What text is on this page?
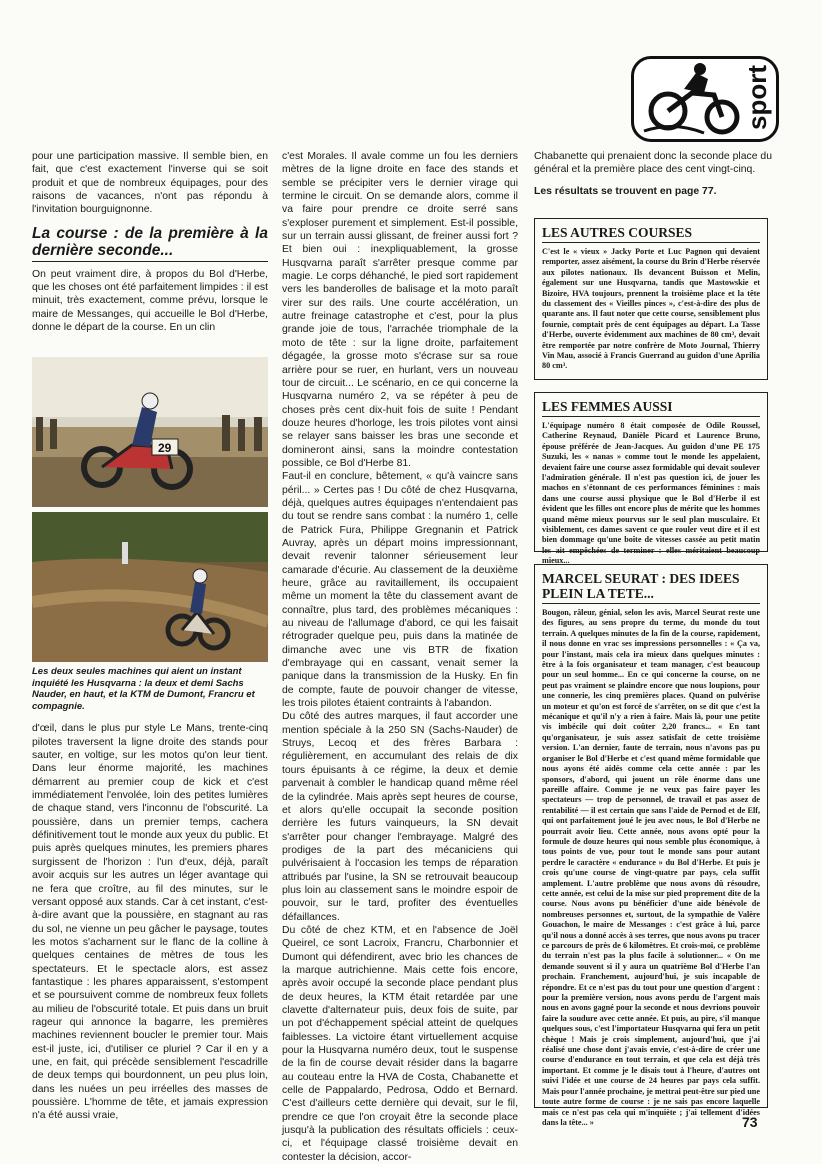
sport

pour une participation massive. Il semble bien, en fait, que c'est exactement l'inverse qui se soit produit et que de nombreux équipages, pour des raisons de vacances, n'ont pas répondu à l'invitation bourguignonne.

La course : de la première à la dernière seconde...

On peut vraiment dire, à propos du Bol d'Herbe, que les choses ont été parfaitement limpides : il est minuit, très exactement, comme prévu, lorsque le maire de Messanges, qui accueille le Bol d'Herbe, donne le départ de la course. En un clin

29
Les deux seules machines qui aient un instant inquiété les Husqvarna : la deux et demi Sachs Nauder, en haut, et la KTM de Dumont, Francru et compagnie.

d'œil, dans le plus pur style Le Mans, trente-cinq pilotes traversent la ligne droite des stands pour sauter, en voltige, sur les motos qu'on leur tient. Dans leur énorme majorité, les machines démarrent au premier coup de kick et c'est immédiatement l'envolée, loin des petites lumières de chaque stand, vers l'inconnu de l'obscurité. La poussière, dans un premier temps, cachera définitivement tout le monde aux yeux du public. Et puis après quelques minutes, les premiers phares surgissent de l'horizon : l'un d'eux, déjà, paraît avoir acquis sur les autres un léger avantage qui ne fera que croître, au fil des minutes, sur le versant opposé aux stands. Car à cet instant, c'est-à-dire avant que la poussière, en stagnant au ras du sol, ne vienne un peu gâcher le paysage, toutes les motos s'acharnent sur le flanc de la colline à quelques centaines de mètres de tous les spectateurs. Et le spectacle alors, est assez fantastique : les phares apparaissent, s'estompent et se poursuivent comme de nombreux feux follets au milieu de l'obscurité totale. Et puis dans un bruit rageur qui annonce la bagarre, les premières machines reviennent boucler le premier tour. Mais est-il juste, ici, d'utiliser ce pluriel ? Car il en y a une, en fait, qui précède sensiblement l'escadrille de deux temps qui bourdonnent, un peu plus loin, dans les nuées un peu irréelles des masses de poussière. L'homme de tête, et jamais expression n'a été aussi vraie,

c'est Morales. Il avale comme un fou les derniers mètres de la ligne droite en face des stands et semble se précipiter vers le dernier virage qui termine le circuit. On se demande alors, comme il va faire pour prendre ce droite serré sans s'exploser purement et simplement. Est-il possible, sur un terrain aussi glissant, de freiner aussi fort ? Et bien oui : inexpliquablement, la grosse Husqvarna paraît s'arrêter presque comme par magie. Le corps déhanché, le pied sort rapidement vers les banderolles de balisage et la moto paraît virer sur des rails. Une courte accélération, un autre freinage catastrophe et c'est, pour la plus grande joie de tous, l'arrachée triomphale de la moto de tête : sur la ligne droite, parfaitement dégagée, la grosse moto s'écrase sur sa roue arrière pour se ruer, en hurlant, vers un nouveau tour de circuit... Le scénario, en ce qui concerne la Husqvarna numéro 2, va se répéter à peu de choses près cent dix-huit fois de suite ! Pendant douze heures d'horloge, les trois pilotes vont ainsi se relayer sans baisser les bras une seconde et domineront ainsi, sans la moindre contestation possible, ce Bol d'Herbe 81.

Faut-il en conclure, bêtement, « qu'à vaincre sans péril... » Certes pas ! Du côté de chez Husqvarna, déjà, quelques autres équipages n'entendaient pas du tout se rendre sans combat : la numéro 1, celle de Patrick Fura, Philippe Gregnanin et Patrick Auvray, après un départ moins impressionnant, devait revenir talonner sérieusement leur camarade d'écurie. Au classement de la deuxième heure, grâce au ravitaillement, ils occupaient même un moment la tête du classement avant de connaître, plus tard, des problèmes mécaniques : au niveau de l'allumage d'abord, ce qui les faisait rétrograder quelque peu, puis dans la matinée de dimanche avec une vis BTR de fixation d'embrayage qui en cassant, venait semer la panique dans la transmission de la Husky. En fin de compte, faute de pouvoir changer de vitesse, les trois pilotes étaient contraints à l'abandon.

Du côté des autres marques, il faut accorder une mention spéciale à la 250 SN (Sachs-Nauder) de Struys, Lecoq et des frères Barbara : régulièrement, en accumulant des relais de dix tours épuisants à ce régime, la deux et demie parvenait à combler le handicap quand même réel de la cylindrée. Mais après sept heures de course, et alors qu'elle occupait la seconde position derrière les futurs vainqueurs, la SN devait s'arrêter pour changer l'embrayage. Malgré des prodiges de la part des mécaniciens qui pulvérisaient à l'occasion les temps de réparation attribués par l'usine, la SN se retrouvait beaucoup plus loin au classement sans le moindre espoir de pouvoir, sur le tard, profiter des éventuelles défaillances.

Du côté de chez KTM, et en l'absence de Joël Queirel, ce sont Lacroix, Francru, Charbonnier et Dumont qui défendirent, avec brio les chances de la marque autrichienne. Mais cette fois encore, après avoir occupé la seconde place pendant plus de deux heures, la KTM était retardée par une clavette d'alternateur puis, deux fois de suite, par un pot d'échappement spécial atteint de quelques faiblesses. La victoire étant virtuellement acquise pour la Husqvarna numéro deux, tout le suspense de la fin de course devait résider dans la bagarre au couteau entre la HVA de Costa, Chabanette et celle de Pappalardo, Pedrosa, Oddo et Bernard. C'est d'ailleurs cette dernière qui devait, sur le fil, prendre ce que l'on croyait être la seconde place jusqu'à la publication des résultats officiels : ceux-ci, et l'équipage classé troisième devait en contester la décision, accor-

Chabanette qui prenaient donc la seconde place du général et la première place des cent vingt-cinq.

Les résultats se trouvent en page 77.

LES AUTRES COURSES

C'est le « vieux » Jacky Porte et Luc Pagnon qui devaient remporter, assez aisément, la course du Brin d'Herbe réservée aux pilotes nationaux. Ils devancent Buisson et Melin, également sur une Husqvarna, tandis que Mastowskie et Bizoire, HVA toujours, prennent la troisième place et la tête du classement des « Vieilles pinces », c'est-à-dire des plus de quarante ans. Il faut noter que cette course, sensiblement plus fournie, comptait près de cent équipages au départ. La Tasse d'Herbe, ouverte évidemment aux machines de 80 cm³, devait être remportée par notre confrère de Moto Journal, Thierry Vin Mau, associé à Francis Guerrand au guidon d'une Aprilia 80 cm³.

LES FEMMES AUSSI

L'équipage numéro 8 était composée de Odile Roussel, Catherine Reynaud, Danièle Picard et Laurence Bruno, épouse préférée de Jean-Jacques. Au guidon d'une PE 175 Suzuki, les « nanas » comme tout le monde les appelaient, devaient faire une course assez formidable qui devait soulever l'admiration générale. Il n'est pas question ici, de jouer les machos en s'étonnant de ces performances féminines : mais dans une course aussi physique que le Bol d'Herbe il est évident que les filles ont encore plus de mérite que les hommes quand même mieux pourvus sur le seul plan musculaire. Et visiblement, ces dames savent ce que rouler veut dire et il est bien dommage qu'une boîte de vitesses cassée au petit matin les ait empêchées de terminer : elles méritaient beaucoup mieux...

MARCEL SEURAT : DES IDEES PLEIN LA TETE...

Bougon, râleur, génial, selon les avis, Marcel Seurat reste une des figures, au sens propre du terme, du monde du tout terrain. A quelques minutes de la fin de la course, rapidement, il nous donne en vrac ses impressions personnelles : « Ça va, pour l'instant, mais cela ira mieux dans quelques minutes : être à la fois organisateur et team manager, c'est beaucoup pour un seul homme... En ce qui concerne la course, on ne peut pas vraiment se plaindre encore que nous loupions, pour une connerie, les cinq premières places. Quand on pulvérise un moteur et qu'on est forcé de s'arrêter, on se dit que c'est la mécanique et qu'il n'y a rien à faire. Mais là, pour une petite vis imbécile qui doit coûter 2,20 francs... « En tant qu'organisateur, je suis assez satisfait de cette troisième version. L'an dernier, faute de terrain, nous n'avons pas pu organiser le Bol d'Herbe et c'est quand même formidable que nous ayons été aidés comme cela cette année : par les sponsors, d'abord, qui jouent un rôle énorme dans une pareille affaire. Comme je ne veux pas faire payer les spectateurs — trop de personnel, de travail et pas assez de rentabilité — il est certain que sans l'aide de Pernod et de Elf, qui ont parfaitement joué le jeu avec nous, le Bol d'Herbe ne pourrait avoir lieu. Cette année, nous avons opté pour la formule de douze heures qui nous semble plus économique, à tous points de vue, pour tout le monde sans pour autant perdre le caractère « endurance » du Bol d'Herbe. Et puis je crois qu'une course de vingt-quatre par pays, cela suffit amplement. L'autre problème que nous avons dû résoudre, cette année, est celui de la mise sur pied proprement dite de la course. Nous avons pu bénéficier d'une aide bénévole de nombreuses personnes et, surtout, de la sympathie de Valère Gouachon, le maire de Messanges : c'est grâce à lui, parce qu'il nous a donné accès à ses terres, que nous avons pu tracer ce parcours de près de 6 kilomètres. Et crois-moi, ce problème du terrain n'est pas la plus facile à solutionner... « On me demande souvent si il y aura un quatrième Bol d'Herbe l'an prochain. Franchement, aujourd'hui, je suis incapable de répondre. Et ce n'est pas du tout pour une question d'argent : pour la première version, nous avons perdu de l'argent mais nous en avons gagné pour la seconde et nous devrions pouvoir faire la soudure avec cette année. Et puis, au pire, s'il manque quelques sous, c'est l'importateur Husqvarna qui fera un petit chèque ! Mais je crois simplement, aujourd'hui, que j'ai réalisé une chose dont j'avais envie, c'est-à-dire de créer une course d'endurance en tout terrain, et que cela est déjà très important. Et comme je le disais tout à l'heure, d'autres ont suivi l'idée et une course de 24 heures par pays cela suffit. Mais pour l'année prochaine, je mettrai peut-être sur pied une toute autre forme de course : je ne sais pas encore laquelle mais ce n'est pas cela qui m'inquiète ; j'ai tellement d'idées dans la tête... »	73
